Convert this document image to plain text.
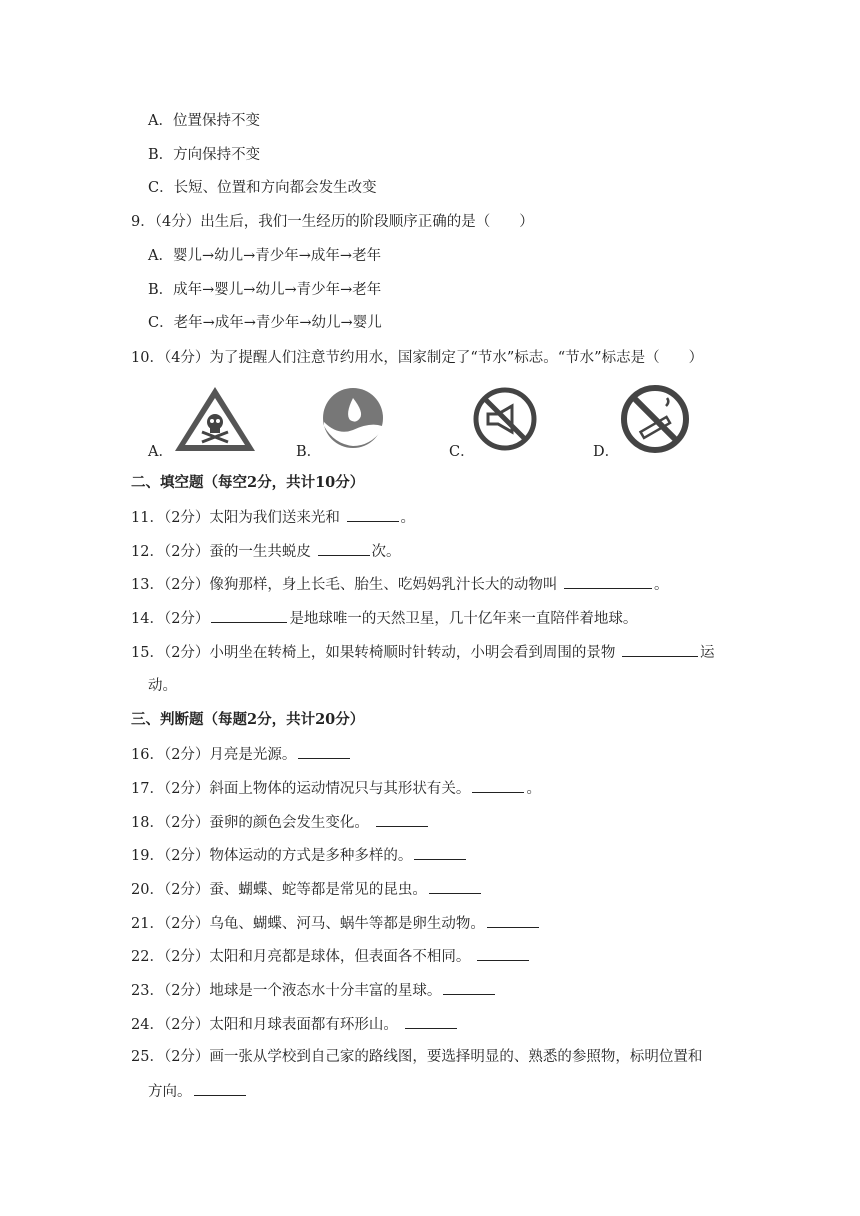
A．位置保持不变
B．方向保持不变
C．长短、位置和方向都会发生改变
9．（4分）出生后，我们一生经历的阶段顺序正确的是（　　）
A．婴儿→幼儿→青少年→成年→老年
B．成年→婴儿→幼儿→青少年→老年
C．老年→成年→青少年→幼儿→婴儿
10．（4分）为了提醒人们注意节约用水，国家制定了“节水”标志。“节水”标志是（　　）
A．	B．	C．	D．
二、填空题（每空2分，共计10分）
11．（2分）太阳为我们送来光和	。
12．（2分）蚕的一生共蜕皮	次。
13．（2分）像狗那样，身上长毛、胎生、吃妈妈乳汁长大的动物叫	。
14．（2分）	是地球唯一的天然卫星，几十亿年来一直陪伴着地球。
15．（2分）小明坐在转椅上，如果转椅顺时针转动，小明会看到周围的景物	运
动。
三、判断题（每题2分，共计20分）
16．（2分）月亮是光源。
17．（2分）斜面上物体的运动情况只与其形状有关。	。
18．（2分）蚕卵的颜色会发生变化。
19．（2分）物体运动的方式是多种多样的。
20．（2分）蚕、蝴蝶、蛇等都是常见的昆虫。
21．（2分）乌龟、蝴蝶、河马、蜗牛等都是卵生动物。
22．（2分）太阳和月亮都是球体，但表面各不相同。
23．（2分）地球是一个液态水十分丰富的星球。
24．（2分）太阳和月球表面都有环形山。
25．（2分）画一张从学校到自己家的路线图，要选择明显的、熟悉的参照物，标明位置和
方向。
